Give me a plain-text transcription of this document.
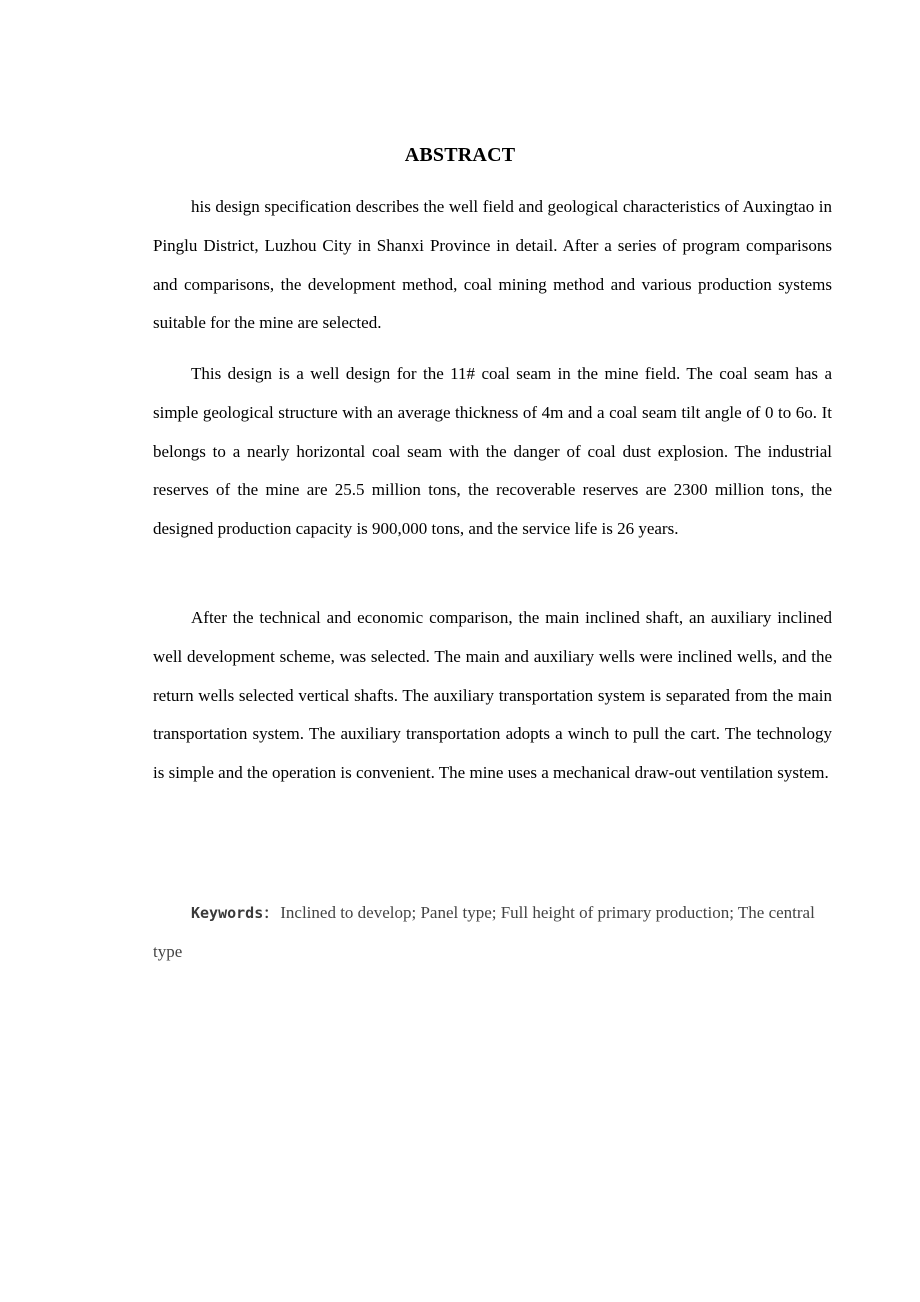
ABSTRACT

his design specification describes the well field and geological characteristics of Auxingtao in Pinglu District, Luzhou City in Shanxi Province in detail. After a series of program comparisons and comparisons, the development method, coal mining method and various production systems suitable for the mine are selected.

This design is a well design for the 11# coal seam in the mine field. The coal seam has a simple geological structure with an average thickness of 4m and a coal seam tilt angle of 0 to 6o. It belongs to a nearly horizontal coal seam with the danger of coal dust explosion. The industrial reserves of the mine are 25.5 million tons, the recoverable reserves are 2300 million tons, the designed production capacity is 900,000 tons, and the service life is 26 years.

After the technical and economic comparison, the main inclined shaft, an auxiliary inclined well development scheme, was selected. The main and auxiliary wells were inclined wells, and the return wells selected vertical shafts. The auxiliary transportation system is separated from the main transportation system. The auxiliary transportation adopts a winch to pull the cart. The technology is simple and the operation is convenient. The mine uses a mechanical draw-out ventilation system.

Keywords： Inclined to develop; Panel type; Full height of primary production; The central type
